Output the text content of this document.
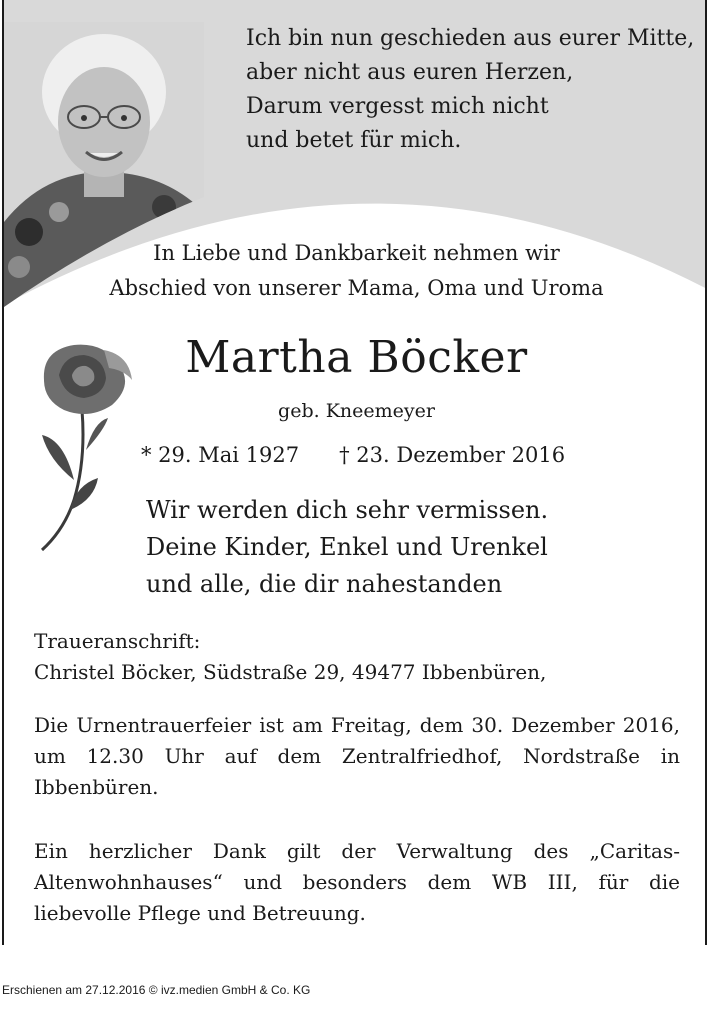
Ich bin nun geschieden aus eurer Mitte,
aber nicht aus euren Herzen,
Darum vergesst mich nicht
und betet für mich.

In Liebe und Dankbarkeit nehmen wir
Abschied von unserer Mama, Oma und Uroma
Martha Böcker
geb. Kneemeyer
* 29. Mai 1927 † 23. Dezember 2016
Wir werden dich sehr vermissen.
Deine Kinder, Enkel und Urenkel
und alle, die dir nahestanden
Traueranschrift:
Christel Böcker, Südstraße 29, 49477 Ibbenbüren,
Die Urnentrauerfeier ist am Freitag, dem 30. Dezember 2016, um 12.30 Uhr auf dem Zentralfriedhof, Nordstraße in Ibbenbüren.
Ein herzlicher Dank gilt der Verwaltung des „Caritas-Altenwohnhauses“ und besonders dem WB III, für die liebevolle Pflege und Betreuung.
Erschienen am 27.12.2016 © ivz.medien GmbH & Co. KG
